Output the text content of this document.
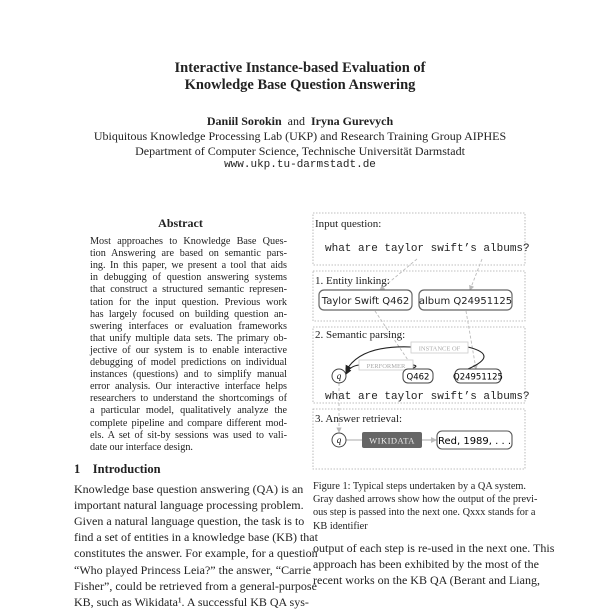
Interactive Instance-based Evaluation of
Knowledge Base Question Answering
Daniil Sorokin and Iryna Gurevych
Ubiquitous Knowledge Processing Lab (UKP) and Research Training Group AIPHES
Department of Computer Science, Technische Universität Darmstadt
www.ukp.tu-darmstadt.de
Abstract
Most approaches to Knowledge Base Ques-
tion Answering are based on semantic pars-
ing. In this paper, we present a tool that aids
in debugging of question answering systems
that construct a structured semantic represen-
tation for the input question. Previous work
has largely focused on building question an-
swering interfaces or evaluation frameworks
that unify multiple data sets. The primary ob-
jective of our system is to enable interactive
debugging of model predictions on individual
instances (questions) and to simplify manual
error analysis. Our interactive interface helps
researchers to understand the shortcomings of
a particular model, qualitatively analyze the
complete pipeline and compare different mod-
els. A set of sit-by sessions was used to vali-
date our interface design.
1 Introduction
Knowledge base question answering (QA) is an
important natural language processing problem.
Given a natural language question, the task is to
find a set of entities in a knowledge base (KB) that
constitutes the answer. For example, for a question
“Who played Princess Leia?” the answer, “Carrie
Fisher”, could be retrieved from a general-purpose
KB, such as Wikidata¹. A successful KB QA sys-
Input question:
what are taylor swift’s albums?
1. Entity linking:
Taylor Swift Q462 album Q24951125
2. Semantic parsing:
INSTANCE OF
PERFORMER
q	Q462	Q24951125
what are taylor swift’s albums?
3. Answer retrieval:
q	WIKIDATA Red, 1989, . . .
Figure 1: Typical steps undertaken by a QA system.
Gray dashed arrows show how the output of the previ-
ous step is passed into the next one. Qxxx stands for a
KB identifier
output of each step is re-used in the next one. This
approach has been exhibited by the most of the
recent works on the KB QA (Berant and Liang,
